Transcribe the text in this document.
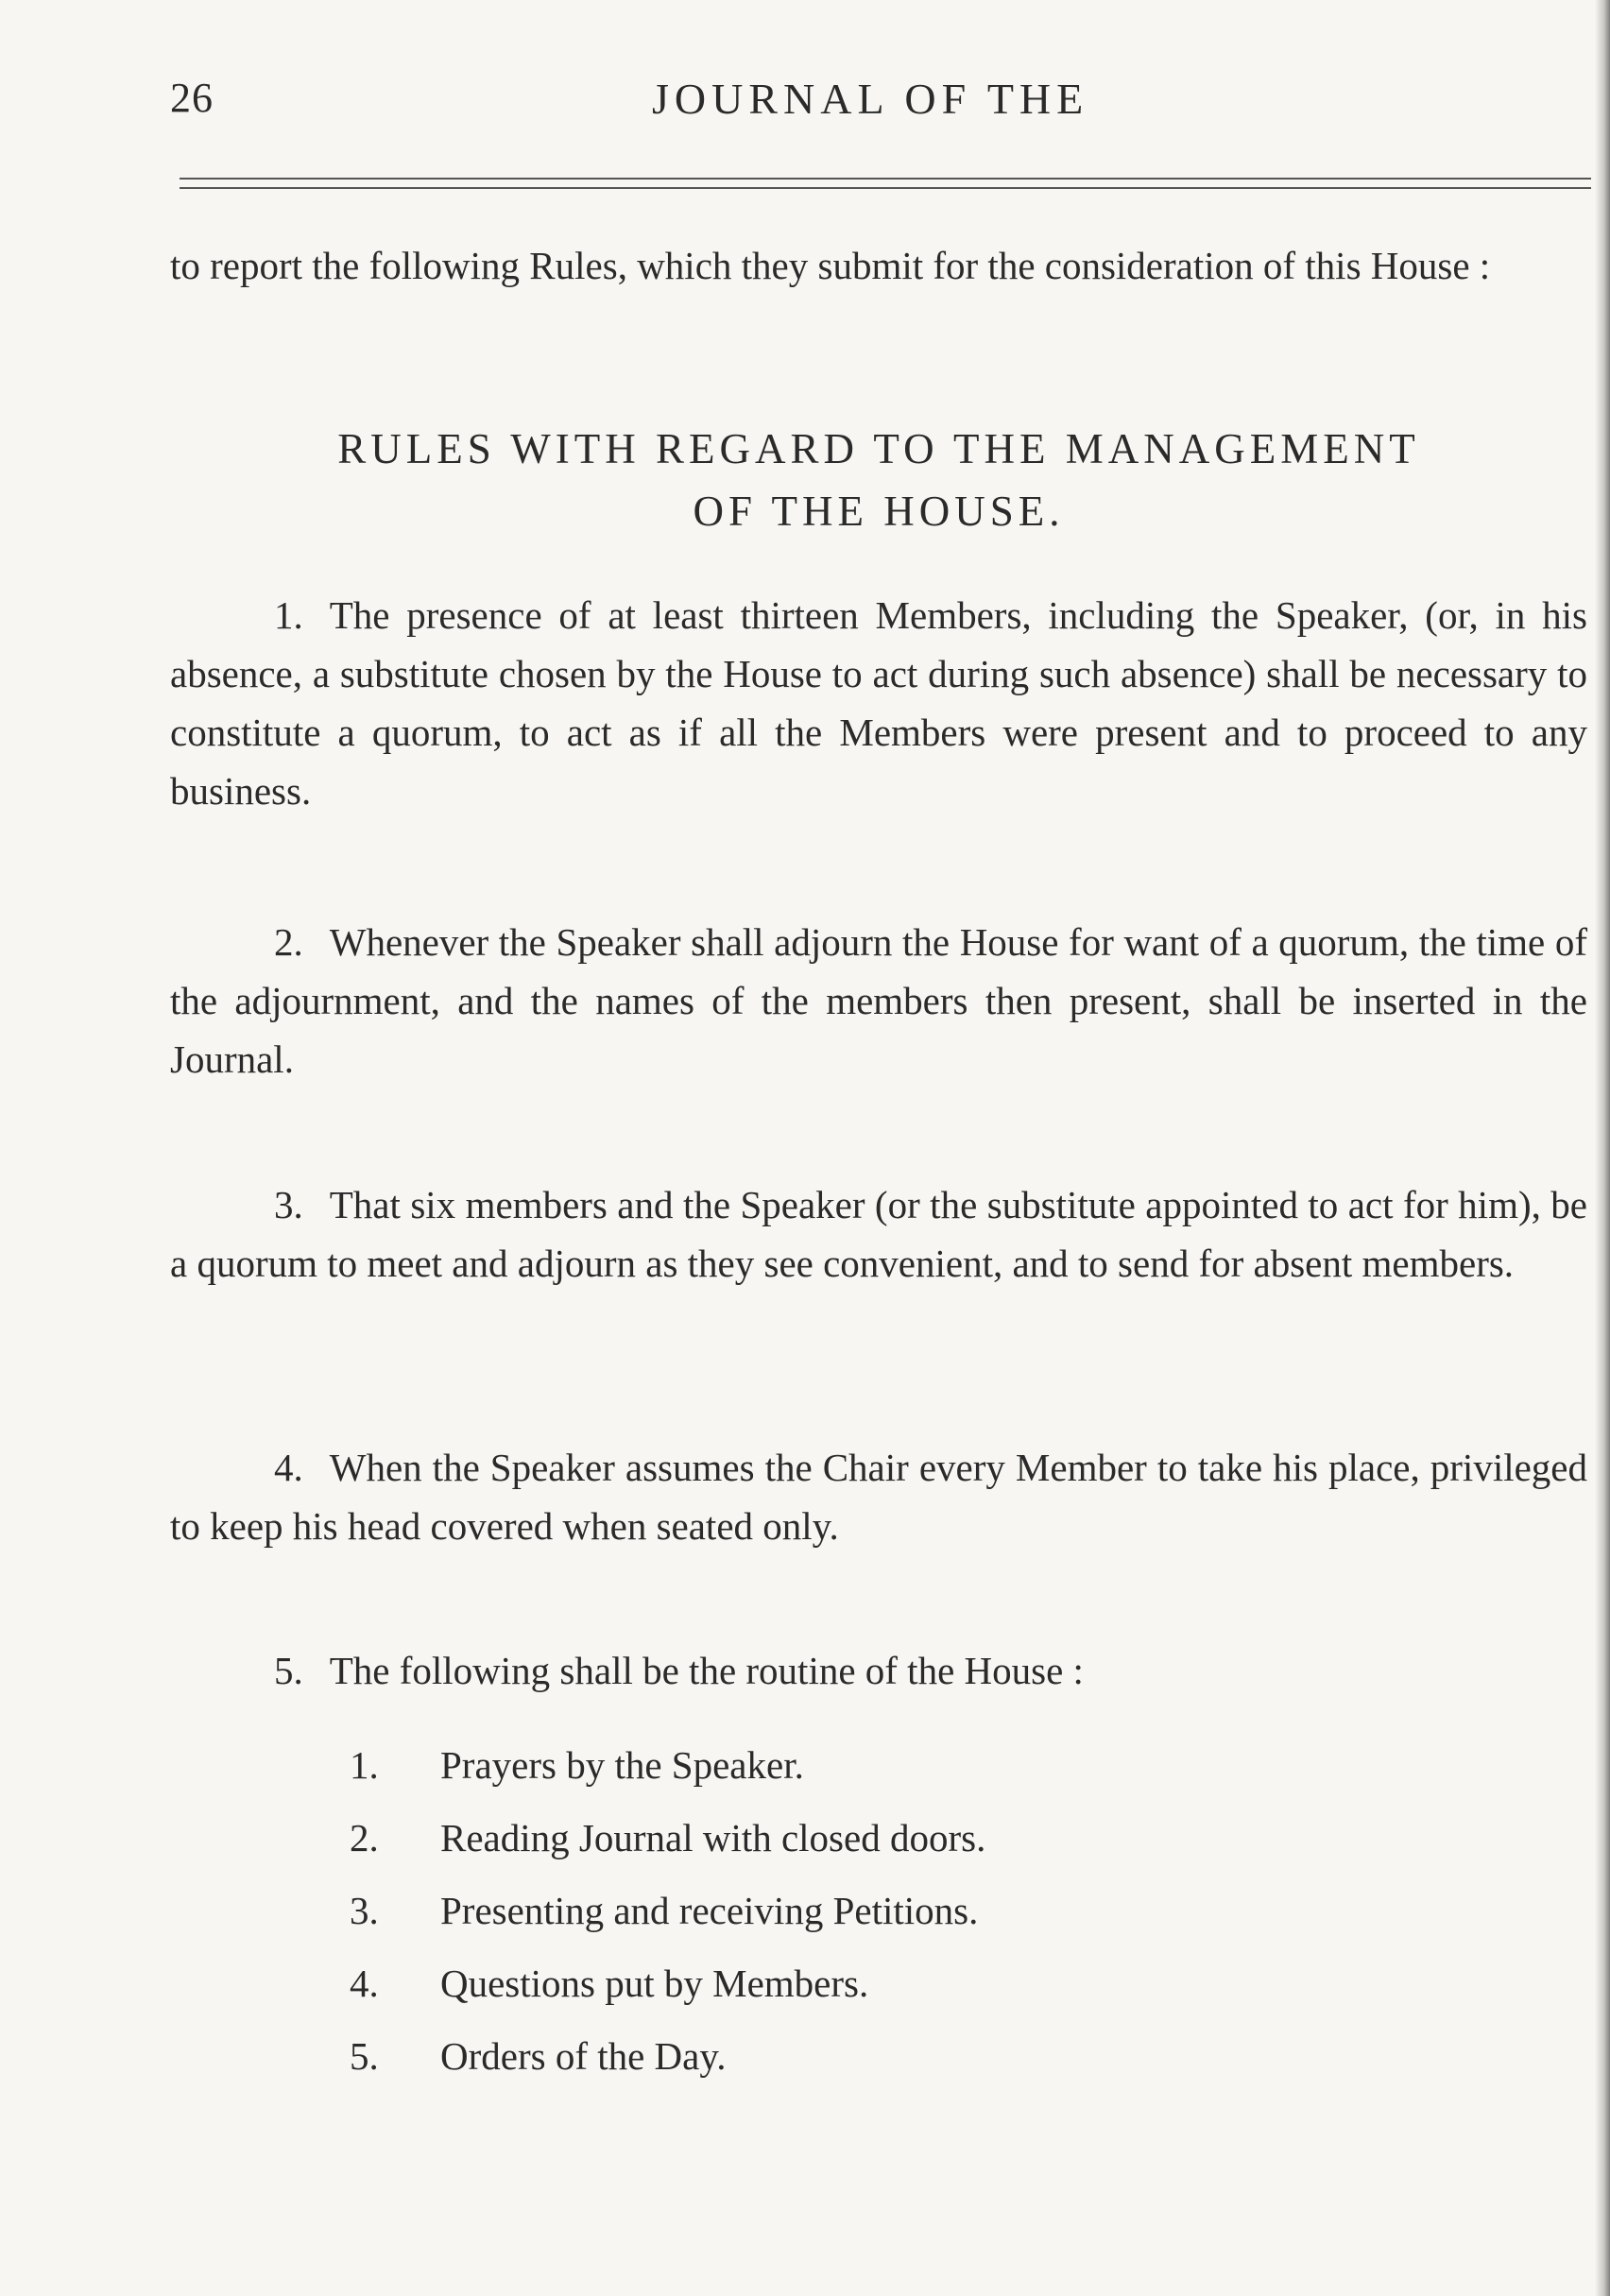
26	JOURNAL OF THE

to report the following Rules, which they submit for the consideration of this House :

RULES WITH REGARD TO THE MANAGEMENT
OF THE HOUSE.

1. The presence of at least thirteen Members, including the Speaker, (or, in his absence, a substitute chosen by the House to act during such absence) shall be necessary to constitute a quorum, to act as if all the Members were present and to proceed to any business.

2. Whenever the Speaker shall adjourn the House for want of a quorum, the time of the adjournment, and the names of the members then present, shall be inserted in the Journal.

3. That six members and the Speaker (or the substitute appointed to act for him), be a quorum to meet and adjourn as they see convenient, and to send for absent members.

4. When the Speaker assumes the Chair every Member to take his place, privileged to keep his head covered when seated only.

5. The following shall be the routine of the House :

1. Prayers by the Speaker.
2. Reading Journal with closed doors.
3. Presenting and receiving Petitions.
4. Questions put by Members.
5. Orders of the Day.
